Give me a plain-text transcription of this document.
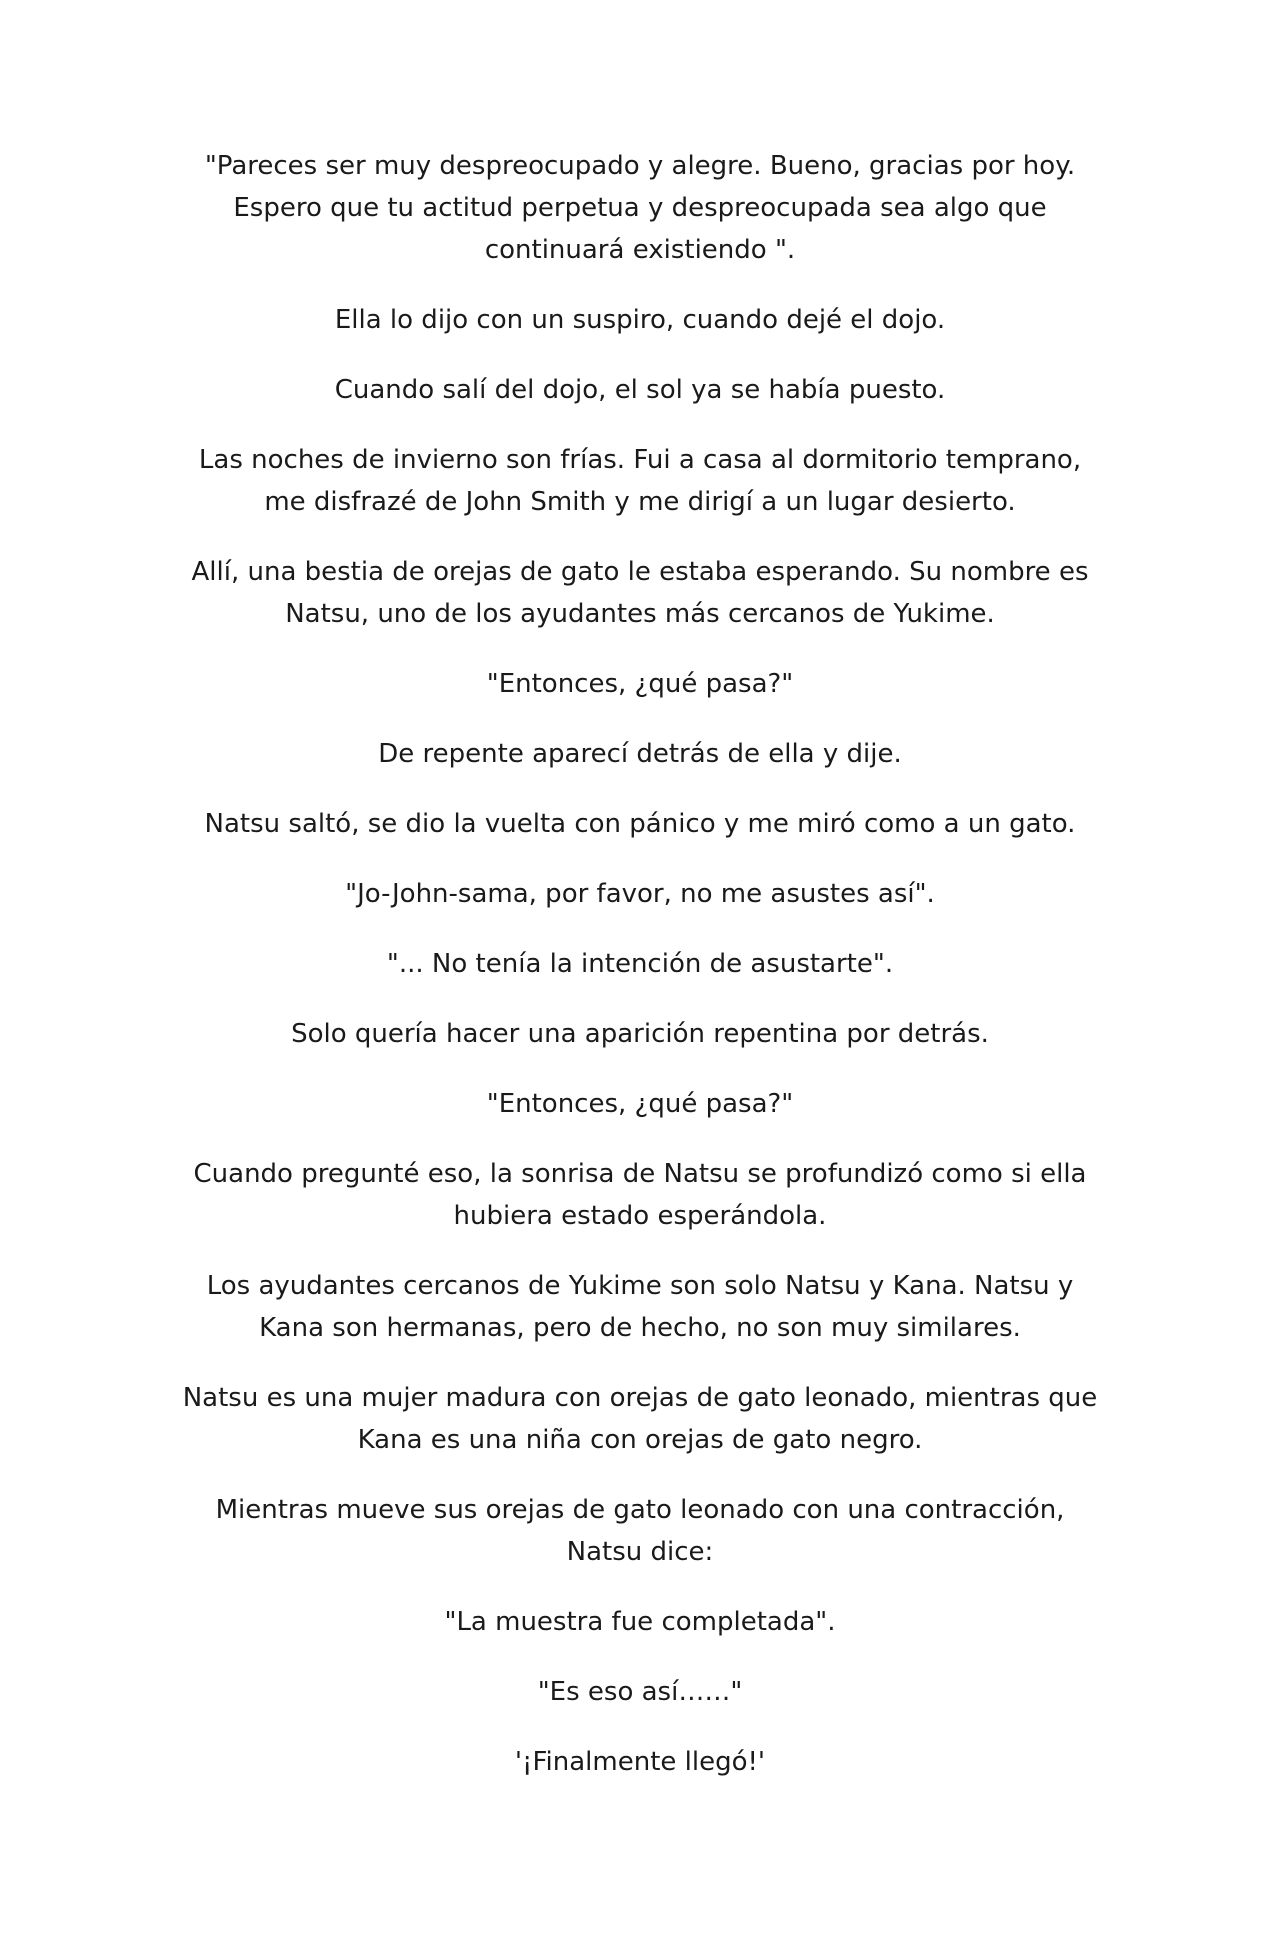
"Pareces ser muy despreocupado y alegre. Bueno, gracias por hoy. Espero que tu actitud perpetua y despreocupada sea algo que continuará existiendo ".

Ella lo dijo con un suspiro, cuando dejé el dojo.

Cuando salí del dojo, el sol ya se había puesto.

Las noches de invierno son frías. Fui a casa al dormitorio temprano, me disfrazé de John Smith y me dirigí a un lugar desierto.

Allí, una bestia de orejas de gato le estaba esperando. Su nombre es Natsu, uno de los ayudantes más cercanos de Yukime.

"Entonces, ¿qué pasa?"

De repente aparecí detrás de ella y dije.

Natsu saltó, se dio la vuelta con pánico y me miró como a un gato.

"Jo-John-sama, por favor, no me asustes así".

"... No tenía la intención de asustarte".

Solo quería hacer una aparición repentina por detrás.

"Entonces, ¿qué pasa?"

Cuando pregunté eso, la sonrisa de Natsu se profundizó como si ella hubiera estado esperándola.

Los ayudantes cercanos de Yukime son solo Natsu y Kana. Natsu y Kana son hermanas, pero de hecho, no son muy similares.

Natsu es una mujer madura con orejas de gato leonado, mientras que Kana es una niña con orejas de gato negro.

Mientras mueve sus orejas de gato leonado con una contracción, Natsu dice:

"La muestra fue completada".

"Es eso así……"

'¡Finalmente llegó!'
